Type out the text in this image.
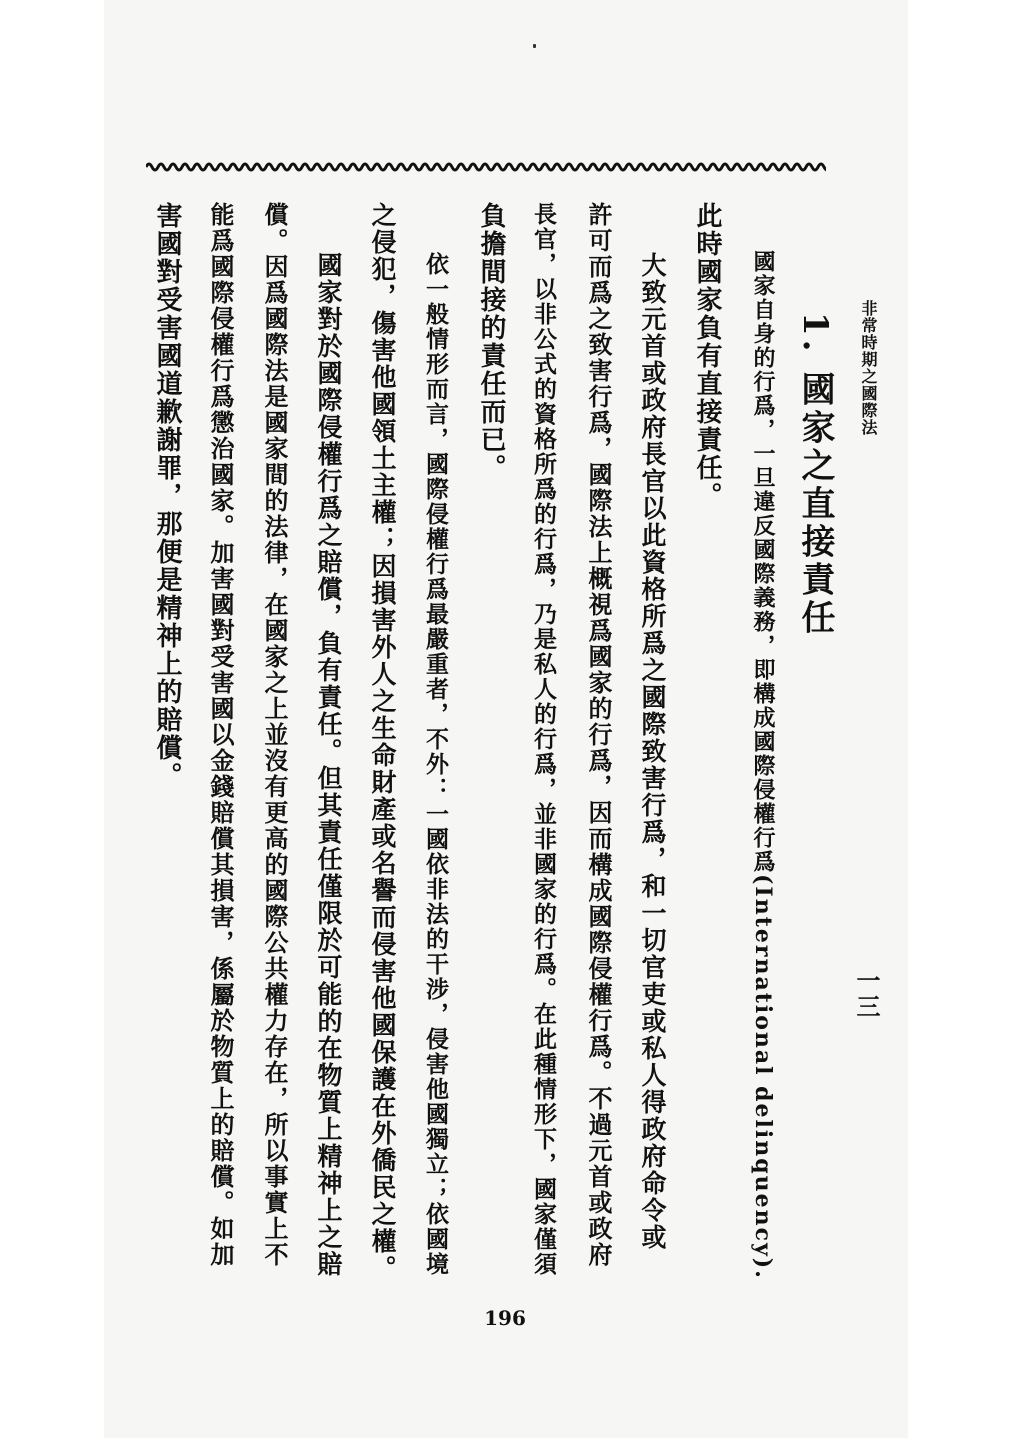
非常時期之國際法
一三
1. 國家之直接責任
國家自身的行爲，一旦違反國際義務，即構成國際侵權行爲(International delinquency).
此時國家負有直接責任。
大致元首或政府長官以此資格所爲之國際致害行爲，和一切官吏或私人得政府命令或
許可而爲之致害行爲，國際法上概視爲國家的行爲，因而構成國際侵權行爲。不過元首或政府
長官，以非公式的資格所爲的行爲，乃是私人的行爲，並非國家的行爲。在此種情形下，國家僅須
負擔間接的責任而已。
依一般情形而言，國際侵權行爲最嚴重者，不外：一國依非法的干涉，侵害他國獨立；依國境
之侵犯，傷害他國領土主權；因損害外人之生命財產或名譽而侵害他國保護在外僑民之權。
國家對於國際侵權行爲之賠償，負有責任。但其責任僅限於可能的在物質上精神上之賠
償。因爲國際法是國家間的法律，在國家之上並沒有更高的國際公共權力存在，所以事實上不
能爲國際侵權行爲懲治國家。加害國對受害國以金錢賠償其損害，係屬於物質上的賠償。如加
害國對受害國道歉謝罪，那便是精神上的賠償。
196
